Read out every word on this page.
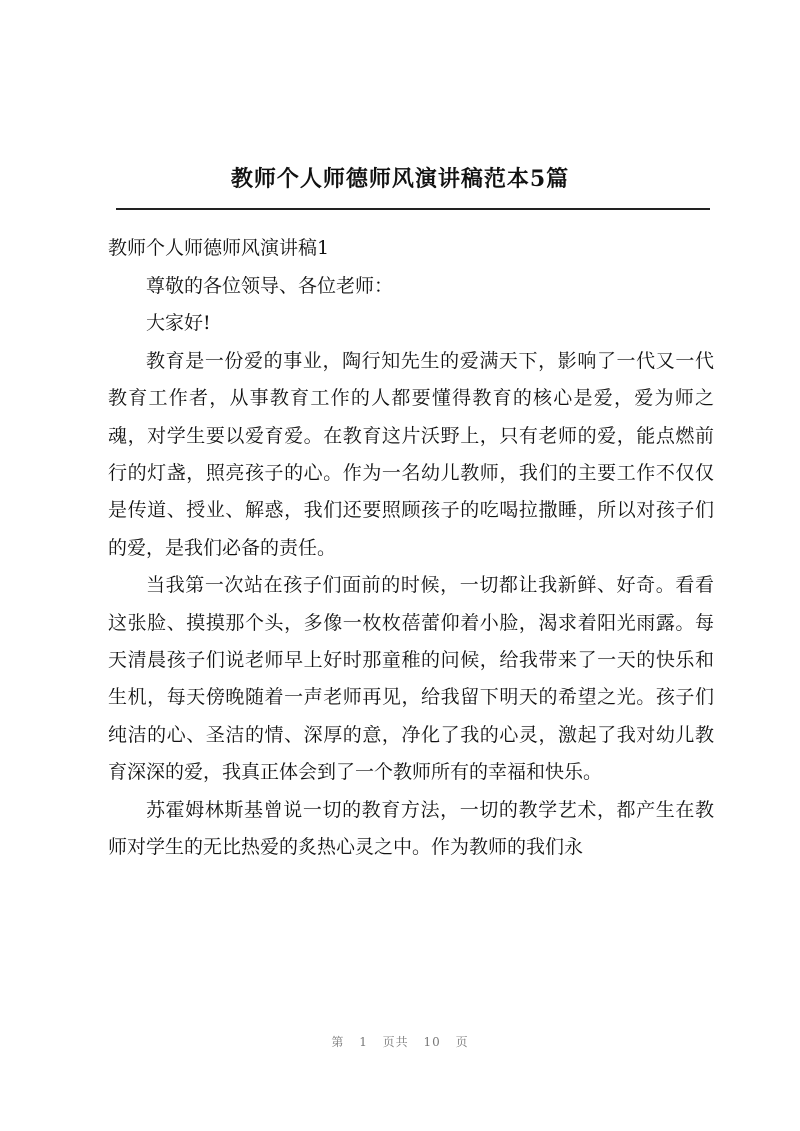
教师个人师德师风演讲稿范本5篇
教师个人师德师风演讲稿1

尊敬的各位领导、各位老师：

大家好!

教育是一份爱的事业，陶行知先生的爱满天下，影响了一代又一代教育工作者，从事教育工作的人都要懂得教育的核心是爱，爱为师之魂，对学生要以爱育爱。在教育这片沃野上，只有老师的爱，能点燃前行的灯盏，照亮孩子的心。作为一名幼儿教师，我们的主要工作不仅仅是传道、授业、解惑，我们还要照顾孩子的吃喝拉撒睡，所以对孩子们的爱，是我们必备的责任。

当我第一次站在孩子们面前的时候，一切都让我新鲜、好奇。看看这张脸、摸摸那个头，多像一枚枚蓓蕾仰着小脸，渴求着阳光雨露。每天清晨孩子们说老师早上好时那童稚的问候，给我带来了一天的快乐和生机，每天傍晚随着一声老师再见，给我留下明天的希望之光。孩子们纯洁的心、圣洁的情、深厚的意，净化了我的心灵，激起了我对幼儿教育深深的爱，我真正体会到了一个教师所有的幸福和快乐。

苏霍姆林斯基曾说一切的教育方法，一切的教学艺术，都产生在教师对学生的无比热爱的炙热心灵之中。作为教师的我们永

第 1 页共 10 页
